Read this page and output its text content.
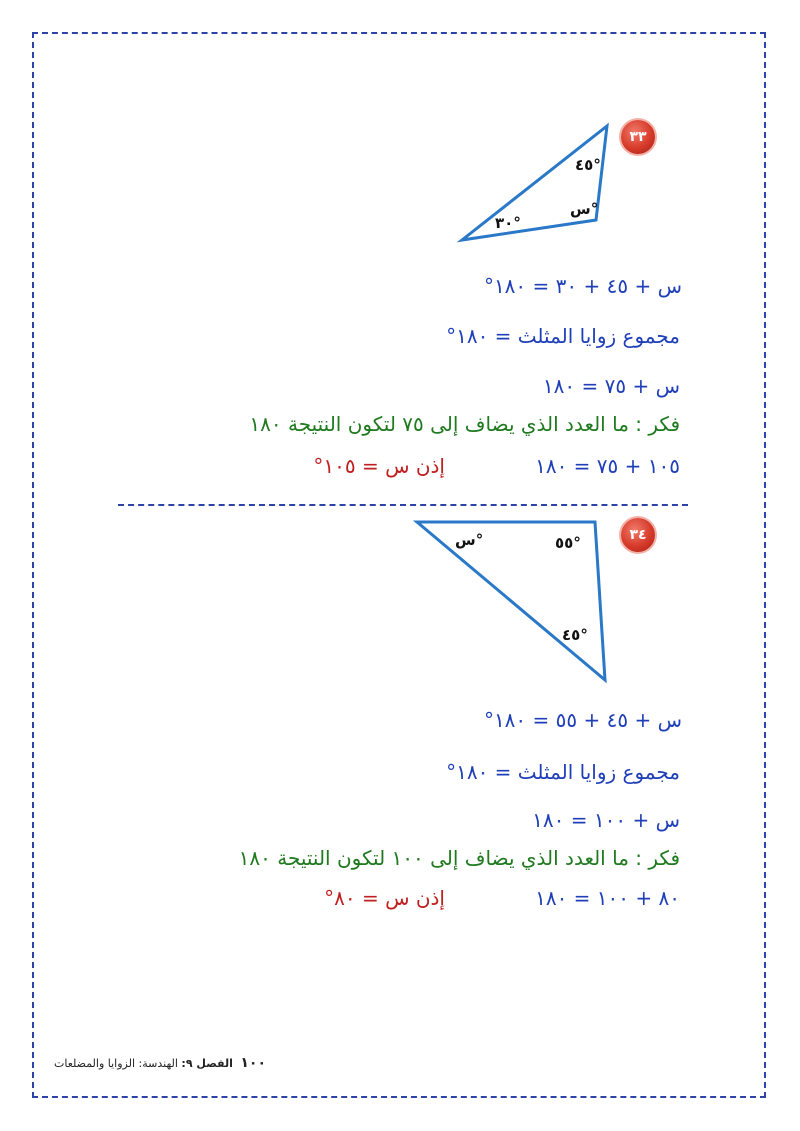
٣٣
٤٥°
س°
٣٠°
س + ٤٥ + ٣٠ = ١٨٠°
مجموع زوايا المثلث = ١٨٠°
س + ٧٥ = ١٨٠
فكر : ما العدد الذي يضاف إلى ٧٥ لتكون النتيجة ١٨٠
١٠٥ + ٧٥ = ١٨٠
إذن س = ١٠٥°
٣٤
س°	٥٥°
٤٥°
س + ٤٥ + ٥٥ = ١٨٠°
مجموع زوايا المثلث = ١٨٠°
س + ١٠٠ = ١٨٠
فكر : ما العدد الذي يضاف إلى ١٠٠ لتكون النتيجة ١٨٠
٨٠ + ١٠٠ = ١٨٠
إذن س = ٨٠°
١٠٠ الفصل ٩: الهندسة: الزوايا والمضلعات
